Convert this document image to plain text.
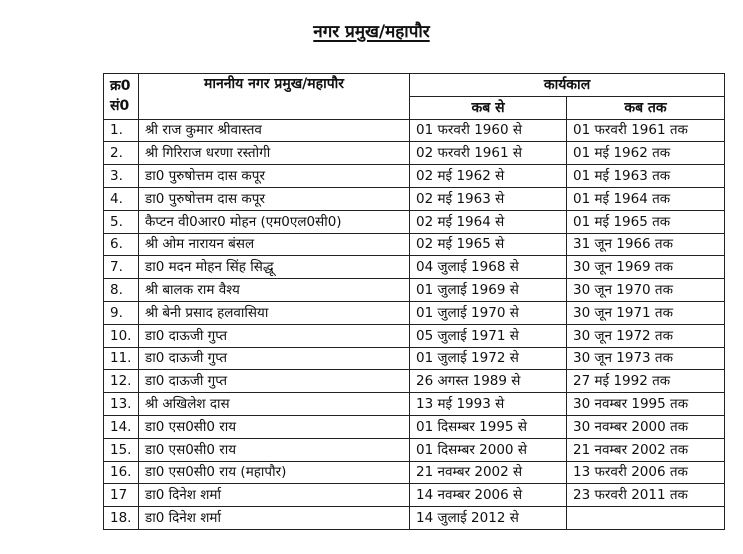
नगर प्रमुख/महापौर
क्र0
सं0	माननीय नगर प्रमुख/महापौर	कार्यकाल	
		कब से	कब तक
1.	श्री राज कुमार श्रीवास्तव	01 फरवरी 1960 से	01 फरवरी 1961 तक
2.	श्री गिरिराज धरणा रस्तोगी	02 फरवरी 1961 से	01 मई 1962 तक
3.	डा0 पुरुषोत्तम दास कपूर	02 मई 1962 से	01 मई 1963 तक
4.	डा0 पुरुषोत्तम दास कपूर	02 मई 1963 से	01 मई 1964 तक
5.	कैप्टन वी0आर0 मोहन (एम0एल0सी0)	02 मई 1964 से	01 मई 1965 तक
6.	श्री ओम नारायन बंसल	02 मई 1965 से	31 जून 1966 तक
7.	डा0 मदन मोहन सिंह सिद्धू	04 जुलाई 1968 से	30 जून 1969 तक
8.	श्री बालक राम वैश्य	01 जुलाई 1969 से	30 जून 1970 तक
9.	श्री बेनी प्रसाद हलवासिया	01 जुलाई 1970 से	30 जून 1971 तक
10.	डा0 दाऊजी गुप्त	05 जुलाई 1971 से	30 जून 1972 तक
11.	डा0 दाऊजी गुप्त	01 जुलाई 1972 से	30 जून 1973 तक
12.	डा0 दाऊजी गुप्त	26 अगस्त 1989 से	27 मई 1992 तक
13.	श्री अखिलेश दास	13 मई 1993 से	30 नवम्बर 1995 तक
14.	डा0 एस0सी0 राय	01 दिसम्बर 1995 से	30 नवम्बर 2000 तक
15.	डा0 एस0सी0 राय	01 दिसम्बर 2000 से	21 नवम्बर 2002 तक
16.	डा0 एस0सी0 राय (महापौर)	21 नवम्बर 2002 से	13 फरवरी 2006 तक
17	डा0 दिनेश शर्मा	14 नवम्बर 2006 से	23 फरवरी 2011 तक
18.	डा0 दिनेश शर्मा	14 जुलाई 2012 से	
